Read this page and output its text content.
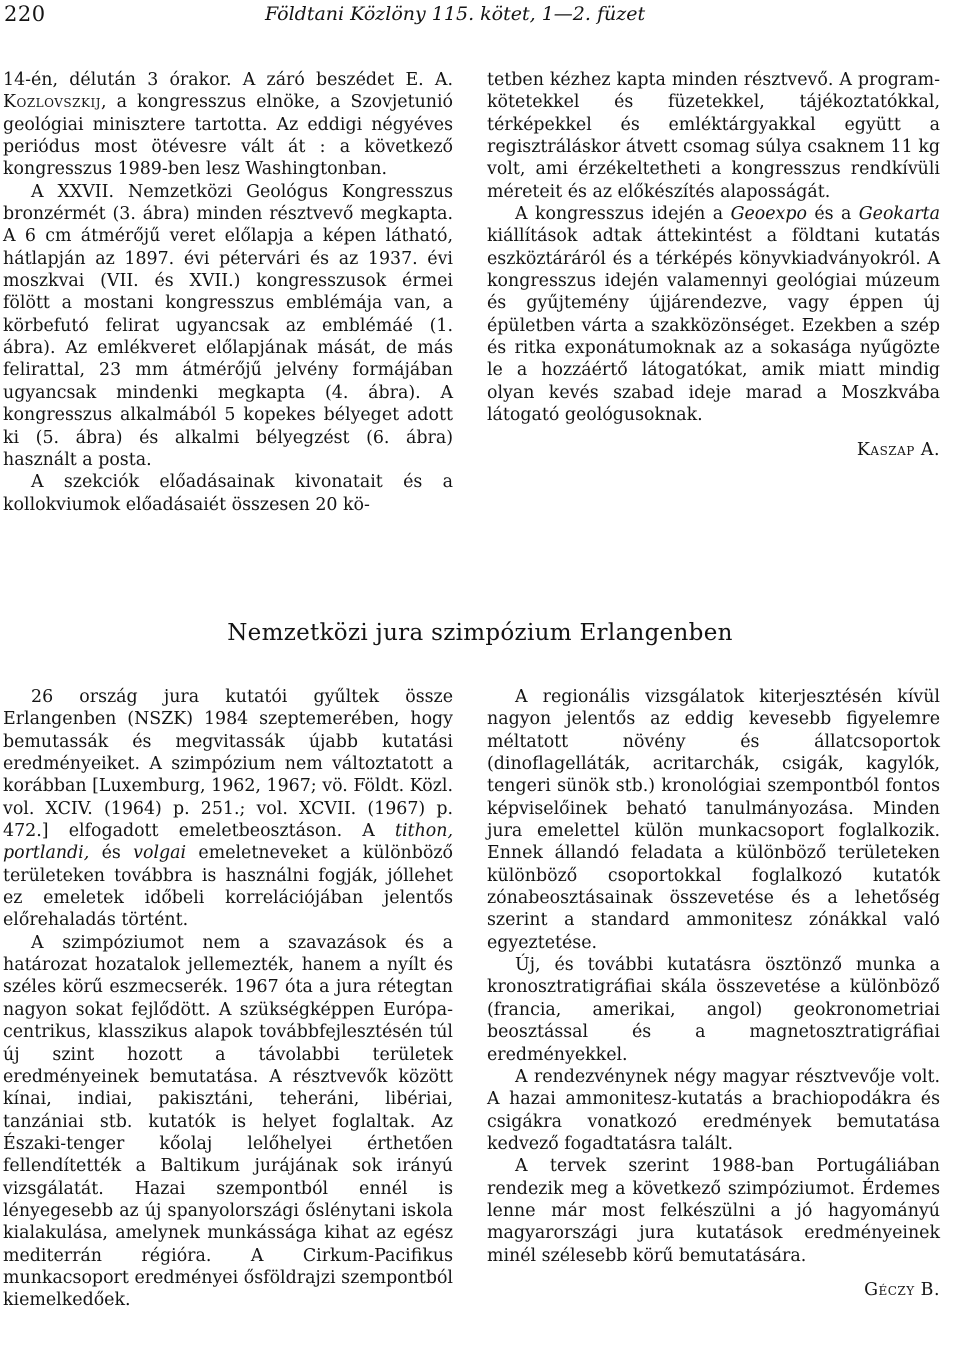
220	Földtani Közlöny 115. kötet, 1—2. füzet

14-én, délután 3 órakor. A záró beszédet E. A. Kozlovszkij, a kongresszus elnöke, a Szovjetunió geológiai minisztere tartotta. Az eddigi négyéves periódus most ötévesre vált át : a következő kongresszus 1989-ben lesz Washingtonban.

A XXVII. Nemzetközi Geológus Kongresszus bronzérmét (3. ábra) minden résztvevő megkapta. A 6 cm átmérőjű veret előlapja a képen látható, hátlapján az 1897. évi pétervári és az 1937. évi moszkvai (VII. és XVII.) kongresszusok érmei fölött a mostani kongresszus emblémája van, a körbefutó felirat ugyancsak az emblémáé (1. ábra). Az emlékveret előlapjának mását, de más felirattal, 23 mm átmérőjű jelvény formájában ugyancsak mindenki megkapta (4. ábra). A kongresszus alkalmából 5 kopekes bélyeget adott ki (5. ábra) és alkalmi bélyegzést (6. ábra) használt a posta.

A szekciók előadásainak kivonatait és a kollokviumok előadásaiét összesen 20 kö-

tetben kézhez kapta minden résztvevő. A program-kötetekkel és füzetekkel, tájékoztatókkal, térképekkel és emléktárgyakkal együtt a regisztráláskor átvett csomag súlya csaknem 11 kg volt, ami érzékeltetheti a kongresszus rendkívüli méreteit és az előkészítés alaposságát.

A kongresszus idején a Geoexpo és a Geokarta kiállítások adtak áttekintést a földtani kutatás eszköztáráról és a térképés könyvkiadványokról. A kongresszus idején valamennyi geológiai múzeum és gyűjtemény újjárendezve, vagy éppen új épületben várta a szakközönséget. Ezekben a szép és ritka exponátumoknak az a sokasága nyűgözte le a hozzáértő látogatókat, amik miatt mindig olyan kevés szabad ideje marad a Moszkvába látogató geológusoknak.

Kaszap A.

Nemzetközi jura szimpózium Erlangenben

26 ország jura kutatói gyűltek össze Erlangenben (NSZK) 1984 szeptemerében, hogy bemutassák és megvitassák újabb kutatási eredményeiket. A szimpózium nem változtatott a korábban [Luxemburg, 1962, 1967; vö. Földt. Közl. vol. XCIV. (1964) p. 251.; vol. XCVII. (1967) p. 472.] elfogadott emeletbeosztáson. A tithon, portlandi, és volgai emeletneveket a különböző területeken továbbra is használni fogják, jóllehet ez emeletek időbeli korrelációjában jelentős előrehaladás történt.

A szimpóziumot nem a szavazások és a határozat hozatalok jellemezték, hanem a nyílt és széles körű eszmecserék. 1967 óta a jura rétegtan nagyon sokat fejlődött. A szükségképpen Európa-centrikus, klasszikus alapok továbbfejlesztésén túl új szint hozott a távolabbi területek eredményeinek bemutatása. A résztvevők között kínai, indiai, pakisztáni, teheráni, libériai, tanzániai stb. kutatók is helyet foglaltak. Az Északi-tenger kőolaj lelőhelyei érthetően fellendítették a Baltikum jurájának sok irányú vizsgálatát. Hazai szempontból ennél is lényegesebb az új spanyolországi őslénytani iskola kialakulása, amelynek munkássága kihat az egész mediterrán régióra. A Cirkum-Pacifikus munkacsoport eredményei ősföldrajzi szempontból kiemelkedőek.

A regionális vizsgálatok kiterjesztésén kívül nagyon jelentős az eddig kevesebb figyelemre méltatott növény és állatcsoportok (dinoflagelláták, acritarchák, csigák, kagylók, tengeri sünök stb.) kronológiai szempontból fontos képviselőinek beható tanulmányozása. Minden jura emelettel külön munkacsoport foglalkozik. Ennek állandó feladata a különböző területeken különböző csoportokkal foglalkozó kutatók zónabeosztásainak összevetése és a lehetőség szerint a standard ammonitesz zónákkal való egyeztetése.

Új, és további kutatásra ösztönző munka a kronosztratigráfiai skála összevetése a különböző (francia, amerikai, angol) geokronometriai beosztással és a magnetosztratigráfiai eredményekkel.

A rendezvénynek négy magyar résztvevője volt. A hazai ammonitesz-kutatás a brachiopodákra és csigákra vonatkozó eredmények bemutatása kedvező fogadtatásra talált.

A tervek szerint 1988-ban Portugáliában rendezik meg a következő szimpóziumot. Érdemes lenne már most felkészülni a jó hagyományú magyarországi jura kutatások eredményeinek minél szélesebb körű bemutatására.

Géczy B.
